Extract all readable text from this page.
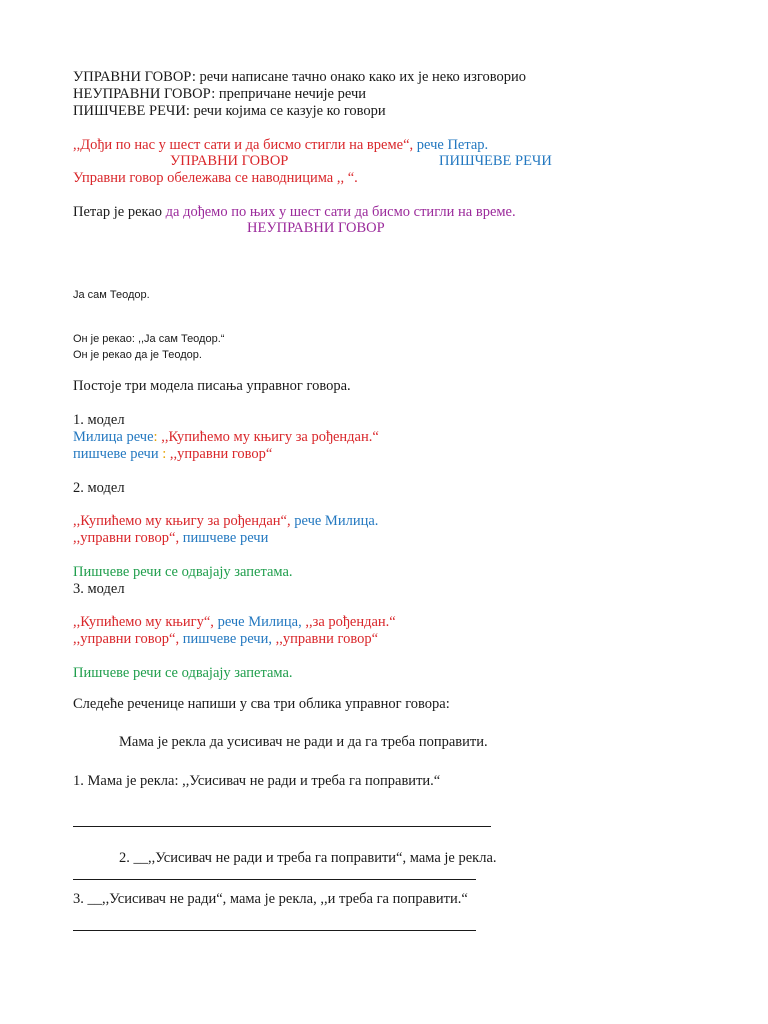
УПРАВНИ ГОВОР: речи написане тачно онако како их је неко изговорио
НЕУПРАВНИ ГОВОР: препричане нечије речи
ПИШЧЕВЕ РЕЧИ: речи којима се казује ко говори
,,Дођи по нас у шест сати и да бисмо стигли на време“, рече Петар.
УПРАВНИ ГОВОР	ПИШЧЕВЕ РЕЧИ
Управни говор обележава се наводницима ,, “.
Петар је рекао да дођемо по њих у шест сати да бисмо стигли на време.
НЕУПРАВНИ ГОВОР
Ја сам Теодор.
Он је рекао: ,,Ја сам Теодор.“
Он је рекао да је Теодор.
Постоје три модела писања управног говора.
1. модел
Милица рече: ,,Купићемо му књигу за рођендан.“
пишчеве речи : ,,управни говор“
2. модел
,,Купићемо му књигу за рођендан“, рече Милица.
,,управни говор“, пишчеве речи
Пишчеве речи се одвајају запетама.
3. модел
,,Купићемо му књигу“, рече Милица, ,,за рођендан.“
,,управни говор“, пишчеве речи, ,,управни говор“
Пишчеве речи се одвајају запетама.
Следеће реченице напиши у сва три облика управног говора:
Мама је рекла да усисивач не ради и да га треба поправити.
1. Мама је рекла: ,,Усисивач не ради и треба га поправити.“
2. __,,Усисивач не ради и треба га поправити“, мама је рекла.
3. __,,Усисивач не ради“, мама је рекла, ,,и треба га поправити.“
